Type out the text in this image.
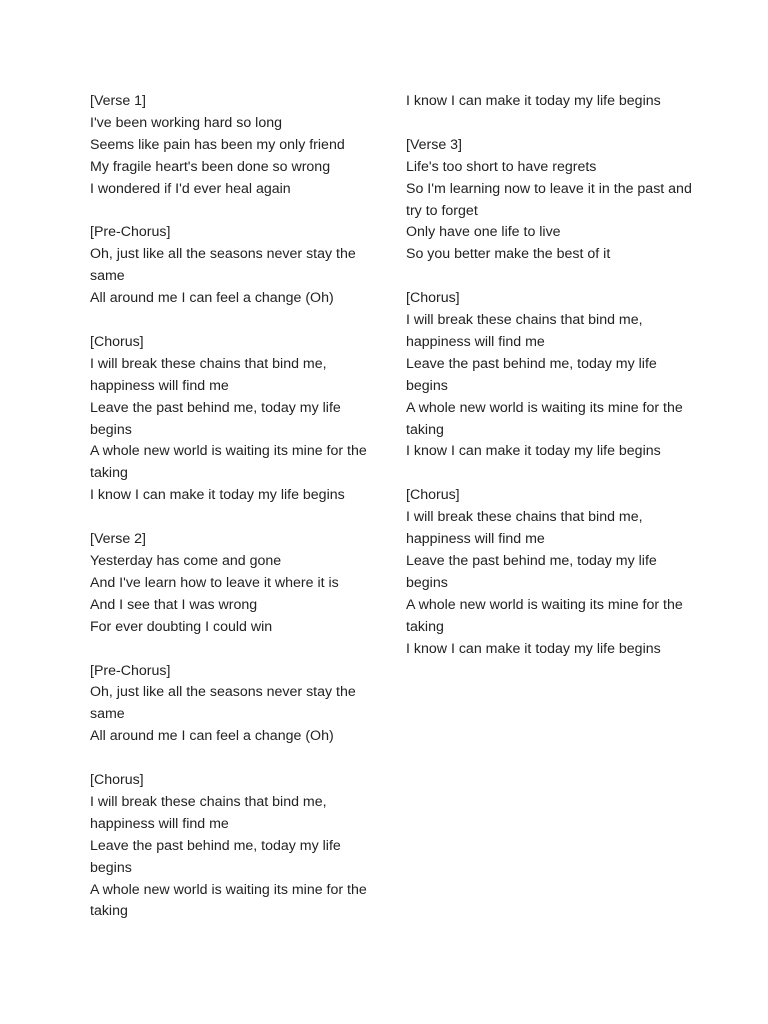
[Verse 1]
I've been working hard so long
Seems like pain has been my only friend
My fragile heart's been done so wrong
I wondered if I'd ever heal again
[Pre-Chorus]
Oh, just like all the seasons never stay the same
All around me I can feel a change (Oh)
[Chorus]
I will break these chains that bind me, happiness will find me
Leave the past behind me, today my life begins
A whole new world is waiting its mine for the taking
I know I can make it today my life begins
[Verse 2]
Yesterday has come and gone
And I've learn how to leave it where it is
And I see that I was wrong
For ever doubting I could win
[Pre-Chorus]
Oh, just like all the seasons never stay the same
All around me I can feel a change (Oh)
[Chorus]
I will break these chains that bind me, happiness will find me
Leave the past behind me, today my life begins
A whole new world is waiting its mine for the taking
I know I can make it today my life begins
[Verse 3]
Life's too short to have regrets
So I'm learning now to leave it in the past and try to forget
Only have one life to live
So you better make the best of it
[Chorus]
I will break these chains that bind me, happiness will find me
Leave the past behind me, today my life begins
A whole new world is waiting its mine for the taking
I know I can make it today my life begins
[Chorus]
I will break these chains that bind me, happiness will find me
Leave the past behind me, today my life begins
A whole new world is waiting its mine for the taking
I know I can make it today my life begins
